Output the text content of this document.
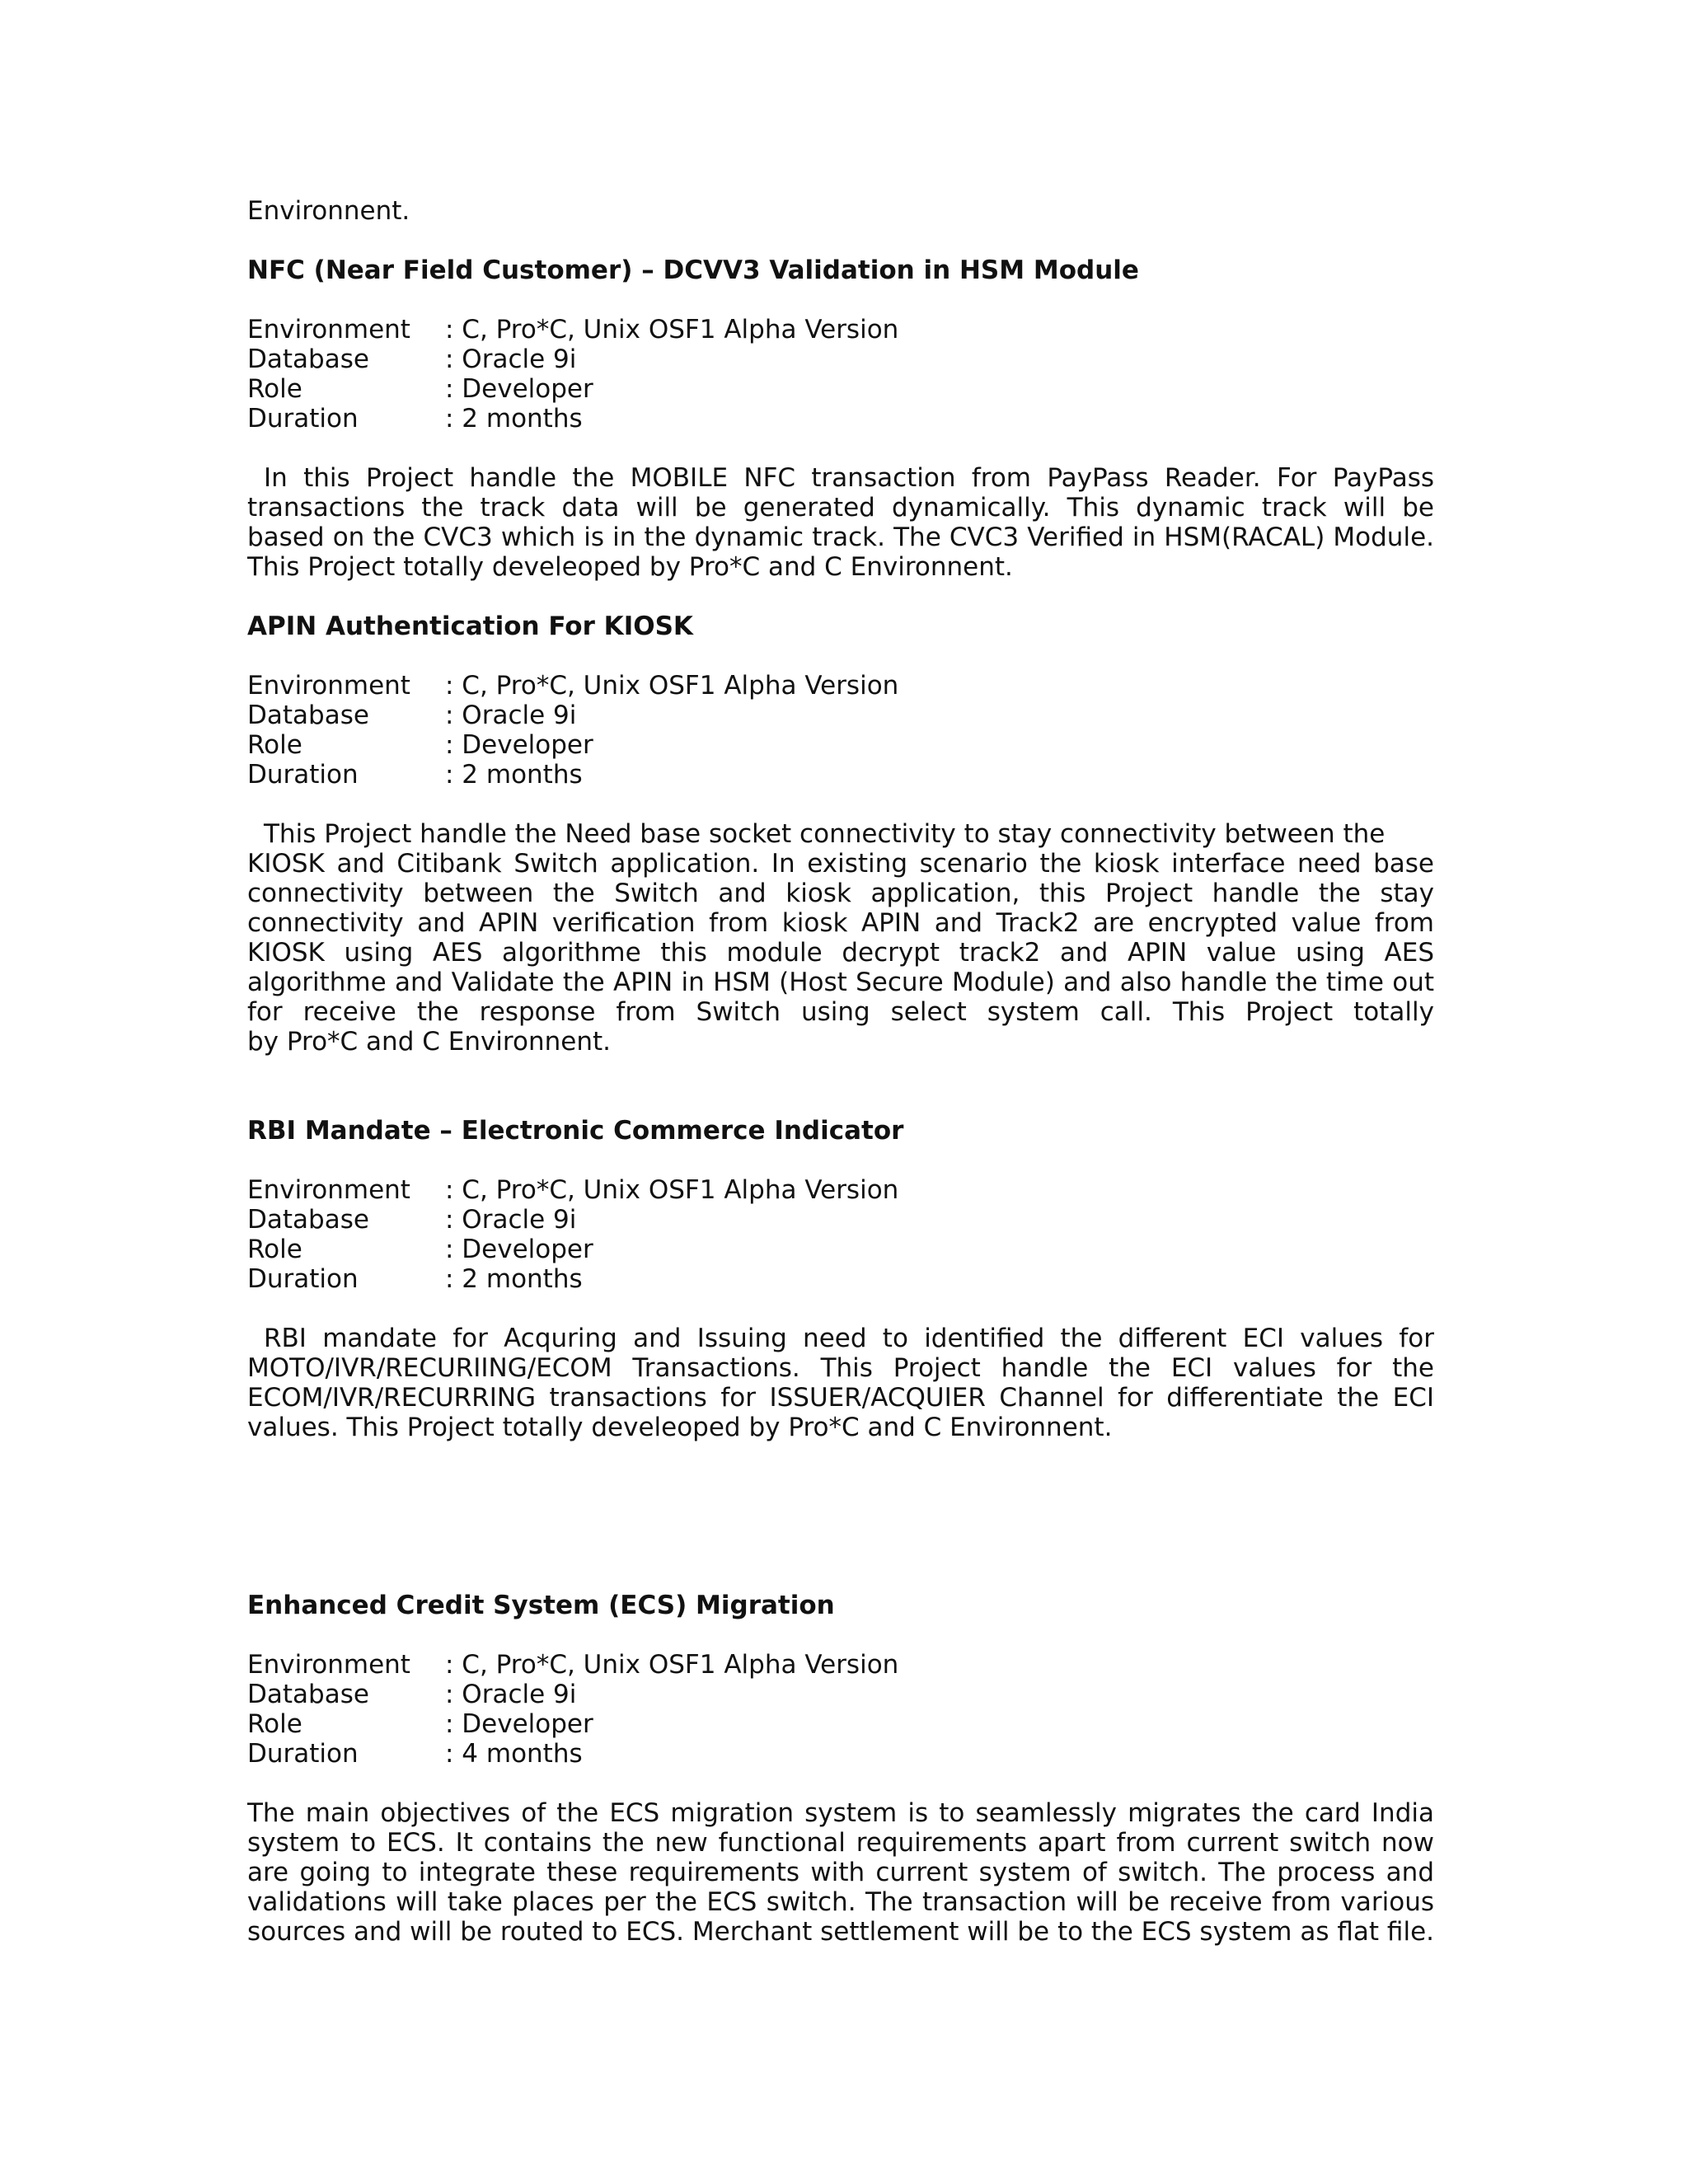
Environnent.

NFC (Near Field Customer) – DCVV3 Validation in HSM Module

Environment	: C, Pro*C, Unix OSF1 Alpha Version
Database	: Oracle 9i
Role	: Developer
Duration	: 2 months
In this Project handle the MOBILE NFC transaction from PayPass Reader. For PayPass
transactions the track data will be generated dynamically. This dynamic track will be
based on the CVC3 which is in the dynamic track. The CVC3 Verified in HSM(RACAL) Module.
This Project totally develeoped by Pro*C and C Environnent.

APIN Authentication For KIOSK

Environment	: C, Pro*C, Unix OSF1 Alpha Version
Database	: Oracle 9i
Role	: Developer
Duration	: 2 months
This Project handle the Need base socket connectivity to stay connectivity between the
KIOSK and Citibank Switch application. In existing scenario the kiosk interface need base
connectivity between the Switch and kiosk application, this Project handle the stay
connectivity and APIN verification from kiosk APIN and Track2 are encrypted value from
KIOSK using AES algorithme this module decrypt track2 and APIN value using AES
algorithme and Validate the APIN in HSM (Host Secure Module) and also handle the time out
for receive the response from Switch using select system call. This Project totally
by Pro*C and C Environnent.

RBI Mandate – Electronic Commerce Indicator

Environment	: C, Pro*C, Unix OSF1 Alpha Version
Database	: Oracle 9i
Role	: Developer
Duration	: 2 months
RBI mandate for Acquring and Issuing need to identified the different ECI values for
MOTO/IVR/RECURIING/ECOM Transactions. This Project handle the ECI values for the
ECOM/IVR/RECURRING transactions for ISSUER/ACQUIER Channel for differentiate the ECI
values. This Project totally develeoped by Pro*C and C Environnent.

Enhanced Credit System (ECS) Migration

Environment	: C, Pro*C, Unix OSF1 Alpha Version
Database	: Oracle 9i
Role	: Developer
Duration	: 4 months
The main objectives of the ECS migration system is to seamlessly migrates the card India
system to ECS. It contains the new functional requirements apart from current switch now
are going to integrate these requirements with current system of switch. The process and
validations will take places per the ECS switch. The transaction will be receive from various
sources and will be routed to ECS. Merchant settlement will be to the ECS system as flat file.
